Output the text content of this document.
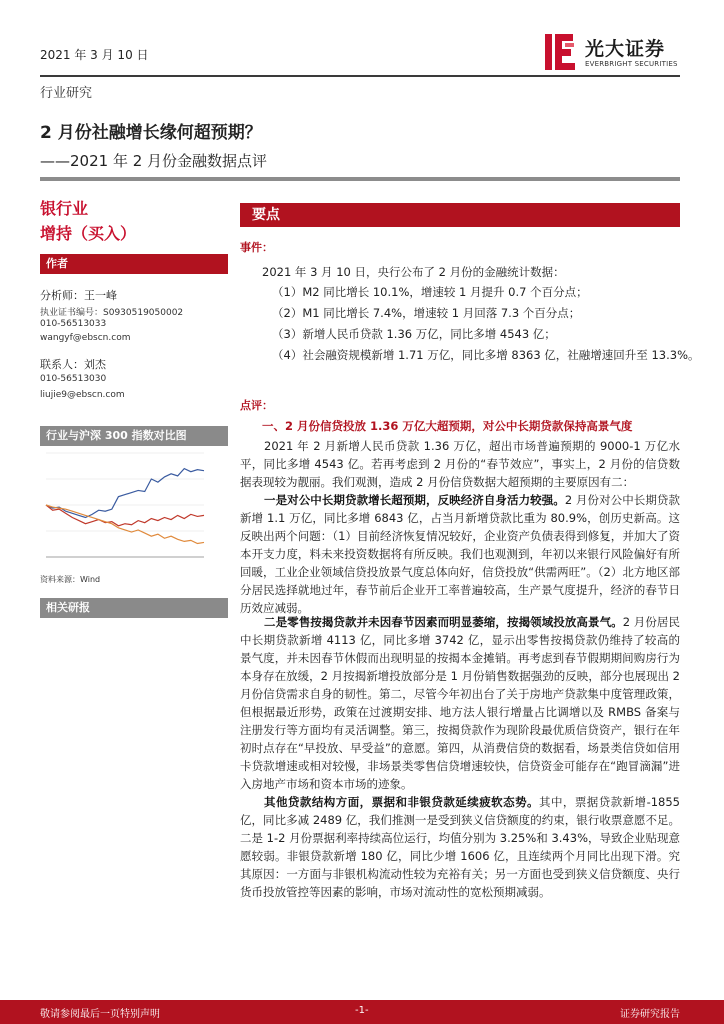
2021 年 3 月 10 日	光大证券
EVERBRIGHT SECURITIES
行业研究
2 月份社融增长缘何超预期？
——2021 年 2 月份金融数据点评
银行业
增持（买入）
作者
分析师：王一峰
执业证书编号：S0930519050002
010-56513033
wangyf@ebscn.com
联系人：刘杰
010-56513030
liujie9@ebscn.com
行业与沪深 300 指数对比图
资料来源：Wind
相关研报
要点
事件：
2021 年 3 月 10 日，央行公布了 2 月份的金融统计数据：
（1）M2 同比增长 10.1%，增速较 1 月提升 0.7 个百分点；
（2）M1 同比增长 7.4%，增速较 1 月回落 7.3 个百分点；
（3）新增人民币贷款 1.36 万亿，同比多增 4543 亿；
（4）社会融资规模新增 1.71 万亿，同比多增 8363 亿，社融增速回升至 13.3%。
点评：
一、2 月份信贷投放 1.36 万亿大超预期，对公中长期贷款保持高景气度
2021 年 2 月新增人民币贷款 1.36 万亿，超出市场普遍预期的 9000-1 万亿水平，同比多增 4543 亿。若再考虑到 2 月份的“春节效应”，事实上，2 月份的信贷数据表现较为靓丽。我们观测，造成 2 月份信贷数据大超预期的主要原因有二：
一是对公中长期贷款增长超预期，反映经济自身活力较强。2 月份对公中长期贷款新增 1.1 万亿，同比多增 6843 亿，占当月新增贷款比重为 80.9%，创历史新高。这反映出两个问题：（1）目前经济恢复情况较好，企业资产负债表得到修复，并加大了资本开支力度，料未来投资数据将有所反映。我们也观测到，年初以来银行风险偏好有所回暖，工业企业领域信贷投放景气度总体向好，信贷投放“供需两旺”。（2）北方地区部分居民选择就地过年，春节前后企业开工率普遍较高，生产景气度提升，经济的春节日历效应减弱。
二是零售按揭贷款并未因春节因素而明显萎缩，按揭领域投放高景气。2 月份居民中长期贷款新增 4113 亿，同比多增 3742 亿，显示出零售按揭贷款仍维持了较高的景气度，并未因春节休假而出现明显的按揭本金摊销。再考虑到春节假期期间购房行为本身存在放缓，2 月按揭新增投放部分是 1 月份销售数据强劲的反映，部分也展现出 2 月份信贷需求自身的韧性。第二，尽管今年初出台了关于房地产贷款集中度管理政策，但根据最近形势，政策在过渡期安排、地方法人银行增量占比调增以及 RMBS 备案与注册发行等方面均有灵活调整。第三，按揭贷款作为现阶段最优质信贷资产，银行在年初时点存在“早投放、早受益”的意愿。第四，从消费信贷的数据看，场景类信贷如信用卡贷款增速或相对较慢，非场景类零售信贷增速较快，信贷资金可能存在“跑冒滴漏”进入房地产市场和资本市场的迹象。
其他贷款结构方面，票据和非银贷款延续疲软态势。其中，票据贷款新增-1855 亿，同比多减 2489 亿，我们推测一是受到狭义信贷额度的约束，银行收票意愿不足。二是 1-2 月份票据利率持续高位运行，均值分别为 3.25%和 3.43%，导致企业贴现意愿较弱。非银贷款新增 180 亿，同比少增 1606 亿，且连续两个月同比出现下滑。究其原因：一方面与非银机构流动性较为充裕有关；另一方面也受到狭义信贷额度、央行货币投放管控等因素的影响，市场对流动性的宽松预期减弱。
敬请参阅最后一页特别声明	-1-	证券研究报告
